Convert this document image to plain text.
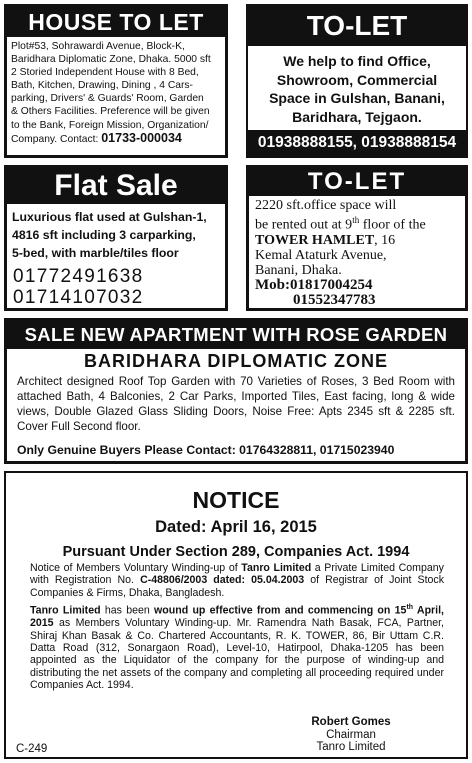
HOUSE TO LET
Plot#53, Sohrawardi Avenue, Block-K, Baridhara Diplomatic Zone, Dhaka. 5000 sft 2 Storied Independent House with 8 Bed, Bath, Kitchen, Drawing, Dining , 4 Cars- parking, Drivers' & Guards' Room, Garden & Others Facilities. Preference will be given to the Bank, Foreign Mission, Organization/ Company. Contact: 01733-000034
TO-LET
We help to find Office,
Showroom, Commercial
Space in Gulshan, Banani,
Baridhara, Tejgaon.
01938888155, 01938888154
Flat Sale
Luxurious flat used at Gulshan-1, 4816 sft including 3 carparking, 5-bed, with marble/tiles floor
01772491638
01714107032
TO-LET
2220 sft.office space will be rented out at 9th floor of the TOWER HAMLET, 16 Kemal Ataturk Avenue, Banani, Dhaka. Mob:01817004254 01552347783
SALE NEW APARTMENT WITH ROSE GARDEN
BARIDHARA DIPLOMATIC ZONE
Architect designed Roof Top Garden with 70 Varieties of Roses, 3 Bed Room with attached Bath, 4 Balconies, 2 Car Parks, Imported Tiles, East facing, long & wide views, Double Glazed Glass Sliding Doors, Noise Free: Apts 2345 sft & 2285 sft. Cover Full Second floor.
Only Genuine Buyers Please Contact: 01764328811, 01715023940
NOTICE
Dated: April 16, 2015
Pursuant Under Section 289, Companies Act. 1994
Notice of Members Voluntary Winding-up of Tanro Limited a Private Limited Company with Registration No. C-48806/2003 dated: 05.04.2003 of Registrar of Joint Stock Companies & Firms, Dhaka, Bangladesh.
Tanro Limited has been wound up effective from and commencing on 15th April, 2015 as Members Voluntary Winding-up. Mr. Ramendra Nath Basak, FCA, Partner, Shiraj Khan Basak & Co. Chartered Accountants, R. K. TOWER, 86, Bir Uttam C.R. Datta Road (312, Sonargaon Road), Level-10, Hatirpool, Dhaka-1205 has been appointed as the Liquidator of the company for the purpose of winding-up and distributing the net assets of the company and completing all proceeding required under Companies Act. 1994.
Robert Gomes
Chairman
Tanro Limited
C-249
